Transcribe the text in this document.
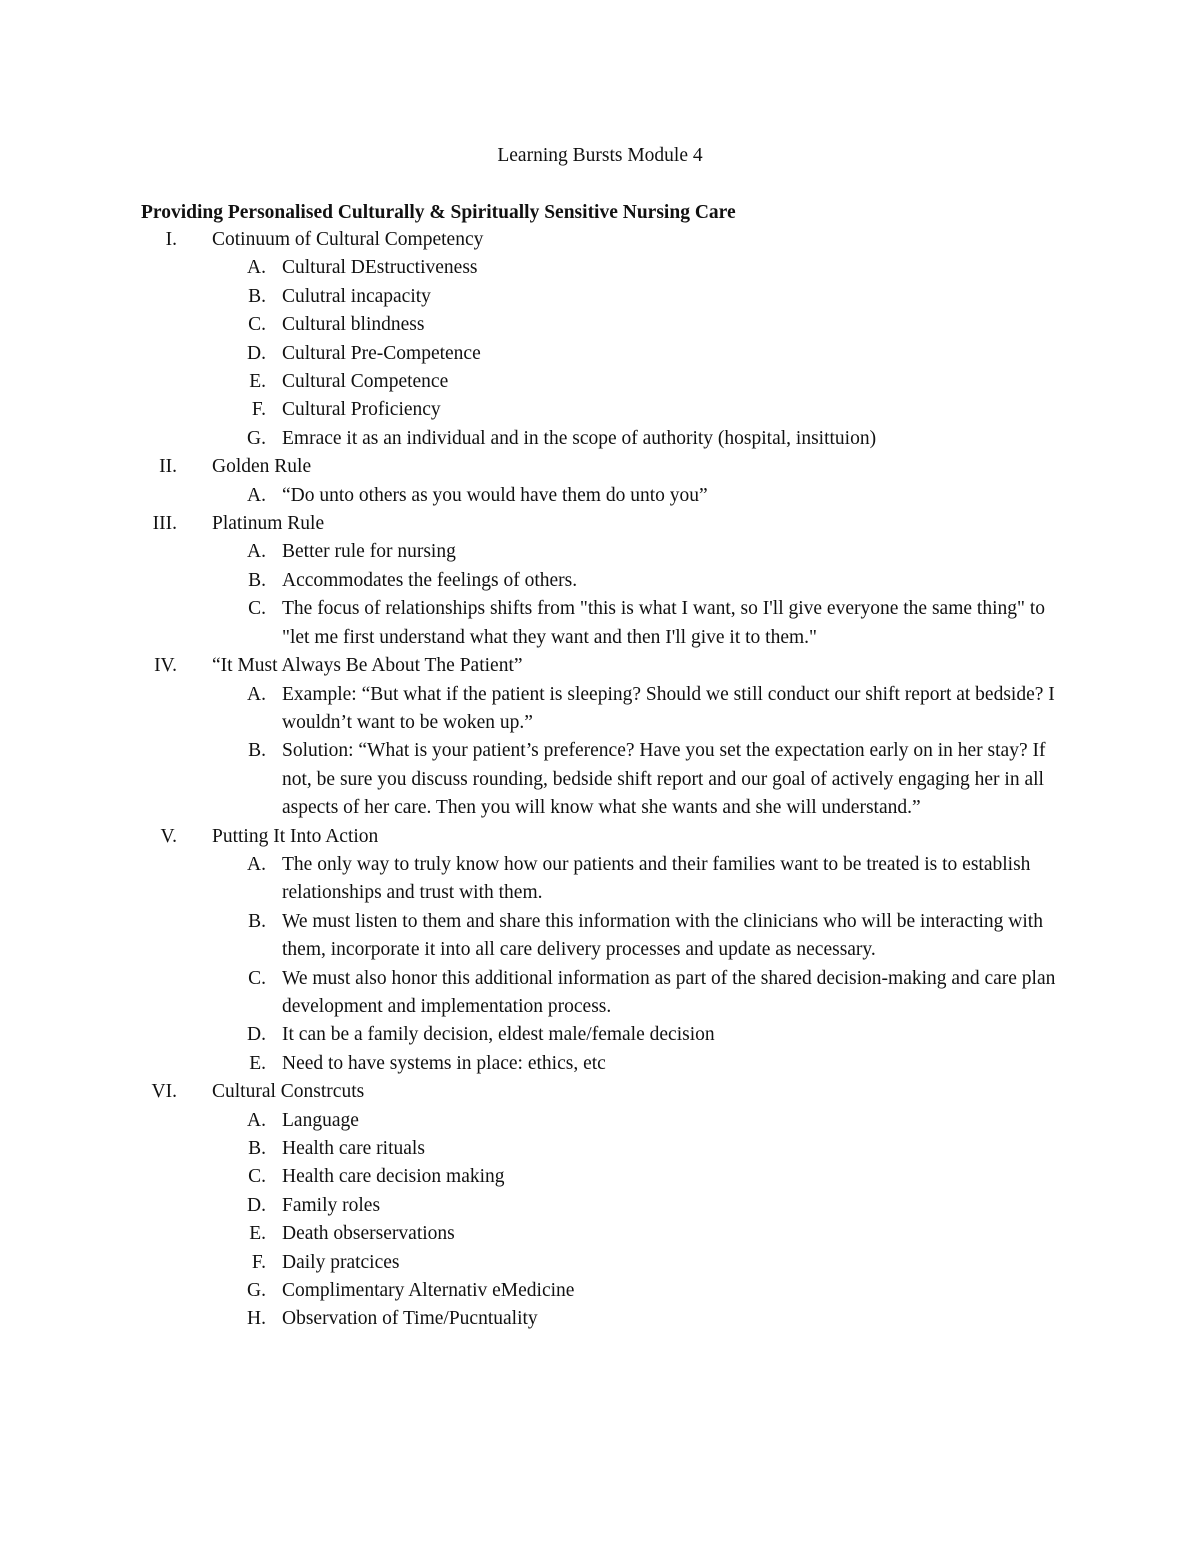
Learning Bursts Module 4
Providing Personalised Culturally & Spiritually Sensitive Nursing Care
I. Cotinuum of Cultural Competency
A. Cultural DEstructiveness
B. Culutral incapacity
C. Cultural blindness
D. Cultural Pre-Competence
E. Cultural Competence
F. Cultural Proficiency
G. Emrace it as an individual and in the scope of authority (hospital, insittuion)
II. Golden Rule
A. “Do unto others as you would have them do unto you”
III. Platinum Rule
A. Better rule for nursing
B. Accommodates the feelings of others.
C. The focus of relationships shifts from "this is what I want, so I'll give everyone the same thing" to "let me first understand what they want and then I'll give it to them."
IV. “It Must Always Be About The Patient”
A. Example: “But what if the patient is sleeping? Should we still conduct our shift report at bedside? I wouldn’t want to be woken up.”
B. Solution: “What is your patient’s preference? Have you set the expectation early on in her stay? If not, be sure you discuss rounding, bedside shift report and our goal of actively engaging her in all aspects of her care. Then you will know what she wants and she will understand.”
V. Putting It Into Action
A. The only way to truly know how our patients and their families want to be treated is to establish relationships and trust with them.
B. We must listen to them and share this information with the clinicians who will be interacting with them, incorporate it into all care delivery processes and update as necessary.
C. We must also honor this additional information as part of the shared decision-making and care plan development and implementation process.
D. It can be a family decision, eldest male/female decision
E. Need to have systems in place: ethics, etc
VI. Cultural Constrcuts
A. Language
B. Health care rituals
C. Health care decision making
D. Family roles
E. Death obserservations
F. Daily pratcices
G. Complimentary Alternativ eMedicine
H. Observation of Time/Pucntuality
